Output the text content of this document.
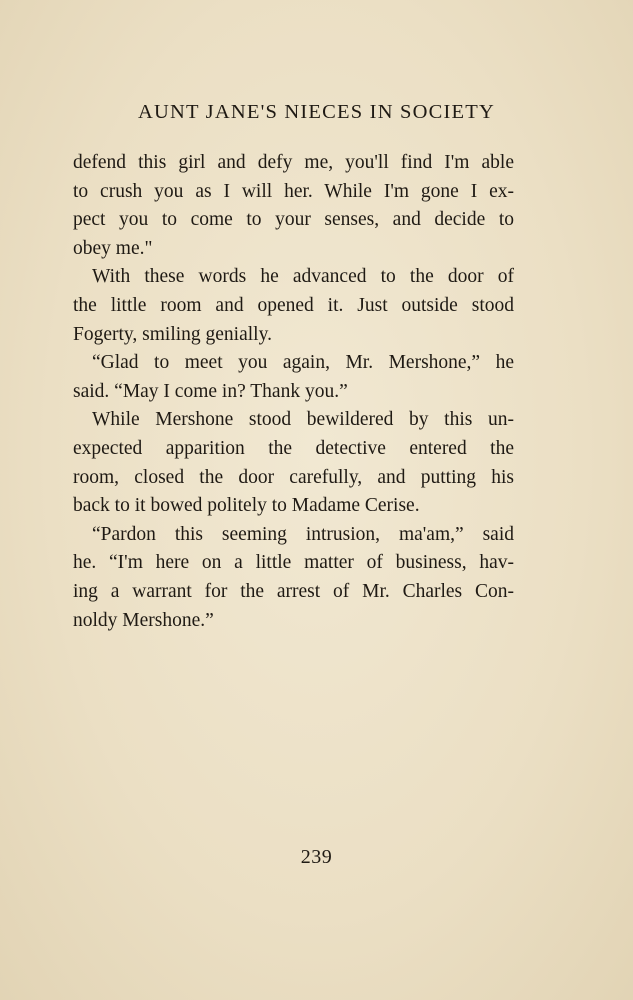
AUNT JANE'S NIECES IN SOCIETY
defend this girl and defy me, you'll find I'm able
to crush you as I will her. While I'm gone I ex-
pect you to come to your senses, and decide to
obey me."
With these words he advanced to the door of
the little room and opened it. Just outside stood
Fogerty, smiling genially.
“Glad to meet you again, Mr. Mershone,” he
said. “May I come in? Thank you.”
While Mershone stood bewildered by this un-
expected apparition the detective entered the
room, closed the door carefully, and putting his
back to it bowed politely to Madame Cerise.
“Pardon this seeming intrusion, ma'am,” said
he. “I'm here on a little matter of business, hav-
ing a warrant for the arrest of Mr. Charles Con-
noldy Mershone.”
239
